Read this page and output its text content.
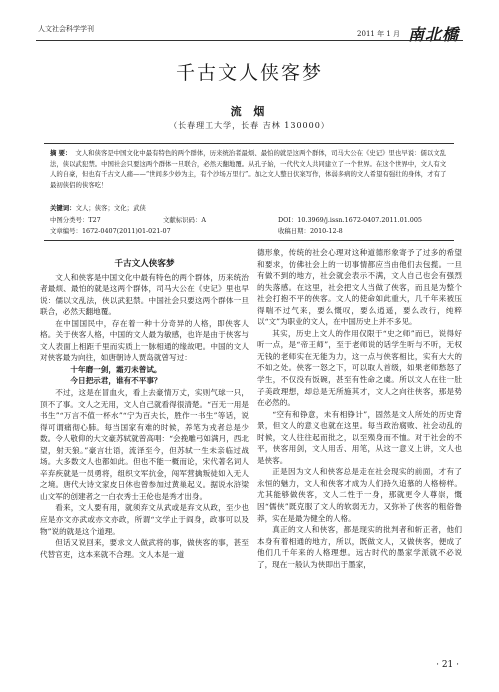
人文社会科学学刊
2011 年 1 月 南北橋
千古文人侠客梦
流 烟
（长春理工大学，长春 吉林 130000）
摘 要： 文人和侠客是中国文化中最有特色的两个群体，历来统治者最烦、最怕的就是这两个群体，司马大公在《史记》里也早说：儒以文乱法，侠以武犯禁。中国社会只要这两个群体一旦联合，必然天翻地覆。从孔子始，一代代文人共同建立了一个世界。在这个世界中，文人有文人的自豪，但也有千古文人痛——“世间多少妙为主，有个沙场万里行”。加之文人整日伏案写作，体弱多病的文人希望有强壮的身体，才有了最初侠侣的侠客吃！
关键词：文人；侠客；文化；武侠
中图分类号：T27	文献标识码：A	DOI：10.3969/j.issn.1672-0407.2011.01.005
文章编号：1672-0407(2011)01-021-07	收稿日期：2010-12-8
千古文人侠客梦

文人和侠客是中国文化中最有特色的两个群体，历来统治者最烦、最怕的就是这两个群体，司马大公在《史记》里也早说：儒以文乱法，侠以武犯禁。中国社会只要这两个群体一旦联合，必然天翻地覆。

在中国国民中，存在着一种十分奇异的人格，即侠客人格。关于侠客人格，中国的文人最为敏感，也许是由于侠客与文人表面上相距千里而实质上一脉相通的缘故吧。中国的文人对侠客最为向往，如唐朝诗人贾岛就曾写过：

十年磨一剑，霜刃未曾试。

今日把示君，谁有不平事？

不过，这是在冒血火，看上去豪情万丈，实则气球一只，顶不了事。文人之无用，文人自己就看得很清楚。“百无一用是书生”“万言不值一杯水”“宁为百夫长，胜作一书生”等话，说得可谓痛彻心肺。每当国家有难的时候，养笔为戎者总是少数。令人敬仰的大文豪苏轼就曾高唱：“会挽雕弓如满月，西北望，射天狼。”豪言壮语，流泽至今，但苏轼一生未亲临过战场。大多数文人也都如此。但也不能一概而论，宋代著名词人辛弃疾就是一员勇将，组织文军抗金，闯军营擒叛徒如入无人之境。唐代大诗文家皮日休也曾参加过黄巢起义。据说水浒梁山文军的创建者之一白衣秀士王伦也是秀才出身。

看来，文人要有用，就须弃文从武或是弃文从政，至少也应是亦文亦武或亦文亦政，所谓“文学止于阎身，政事可以及物”说的就是这个道理。

但话又说回来，要求文人做武将的事，做侠客的事，甚至代替官吏，这本来就不合理。文人本是一道

德形象，传统的社会心理对这种道德形象寄予了过多的希望和要求，仿佛社会上的一切事情都应当由他们去包揽。一旦有做不到的地方，社会就会表示不满，文人自己也会有强烈的失落感。在这里，社会把文人当做了侠客，而且是为整个社会打抱不平的侠客。文人的使命如此重大，几千年来被压得喘不过气来，要么慨叹，要么逍遥，要么改行，纯粹以“文”为职业的文人，在中国历史上并不多见。

其实，历史上文人的作用仅限于“史之师”而已，说得好听一点，是“帝王师”，至于老师说的话学生听与不听，无权无钱的老师实在无能为力，这一点与侠客相比，实有大大的不如之处。侠客一怒之下，可以取人首级，如果老师愁怒了学生，不仅没有饭碗，甚至有性命之虞。所以文人在往一肚子美政理想，却总是无所施其才，文人之向往侠客，那是势在必然的。

“空有和铮意，未有相铮计”，固然是文人所处的历史背景，但文人的意义也就在这里。每当政治腐败、社会动乱的时候，文人往往起而批之，以至殒身而不恤。对于社会的不平，侠客用剑，文人用舌、用笔，从这一意义上讲，文人也是侠客。

正是因为文人和侠客总是走在社会现实的前面，才有了永恒的魅力，文人和侠客才成为人们持久追慕的人格榜样。尤其能够做侠客，文人二性于一身，那就更令人尊崇，慨因“儒侠”既克服了文人的软弱无力，又弥补了侠客的粗俗鲁莽，实在是最为健全的人格。

真正的文人和侠客，都是现实的批判者和斩正者，他们本身有着相通的地方，所以，既做文人，又做侠客，便成了他们几千年来的人格理想。远古时代的墨家学派就不必说了，现在一般认为侠即出于墨家，

· 21 ·
